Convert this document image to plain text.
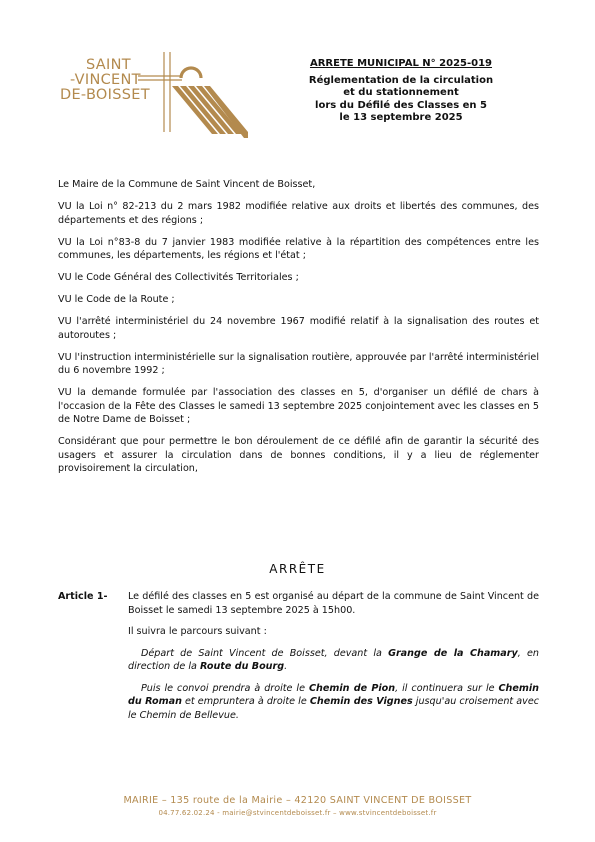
SAINT
-VINCENT
DE-BOISSET
ARRETE MUNICIPAL N° 2025-019
Réglementation de la circulation
et du stationnement
lors du Défilé des Classes en 5
le 13 septembre 2025

Le Maire de la Commune de Saint Vincent de Boisset,

VU la Loi n° 82-213 du 2 mars 1982 modifiée relative aux droits et libertés des communes, des départements et des régions ;

VU la Loi n°83-8 du 7 janvier 1983 modifiée relative à la répartition des compétences entre les communes, les départements, les régions et l'état ;

VU le Code Général des Collectivités Territoriales ;

VU le Code de la Route ;

VU l'arrêté interministériel du 24 novembre 1967 modifié relatif à la signalisation des routes et autoroutes ;

VU l'instruction interministérielle sur la signalisation routière, approuvée par l'arrêté interministériel du 6 novembre 1992 ;

VU la demande formulée par l'association des classes en 5, d'organiser un défilé de chars à l'occasion de la Fête des Classes le samedi 13 septembre 2025 conjointement avec les classes en 5 de Notre Dame de Boisset ;

Considérant que pour permettre le bon déroulement de ce défilé afin de garantir la sécurité des usagers et assurer la circulation dans de bonnes conditions, il y a lieu de réglementer provisoirement la circulation,

ARRÊTE
Article 1- Le défilé des classes en 5 est organisé au départ de la commune de Saint Vincent de Boisset le samedi 13 septembre 2025 à 15h00.

Il suivra le parcours suivant :

Départ de Saint Vincent de Boisset, devant la Grange de la Chamary, en direction de la Route du Bourg.

Puis le convoi prendra à droite le Chemin de Pion, il continuera sur le Chemin du Roman et empruntera à droite le Chemin des Vignes jusqu'au croisement avec le Chemin de Bellevue.

MAIRIE – 135 route de la Mairie – 42120 SAINT VINCENT DE BOISSET
04.77.62.02.24 - mairie@stvincentdeboisset.fr – www.stvincentdeboisset.fr
